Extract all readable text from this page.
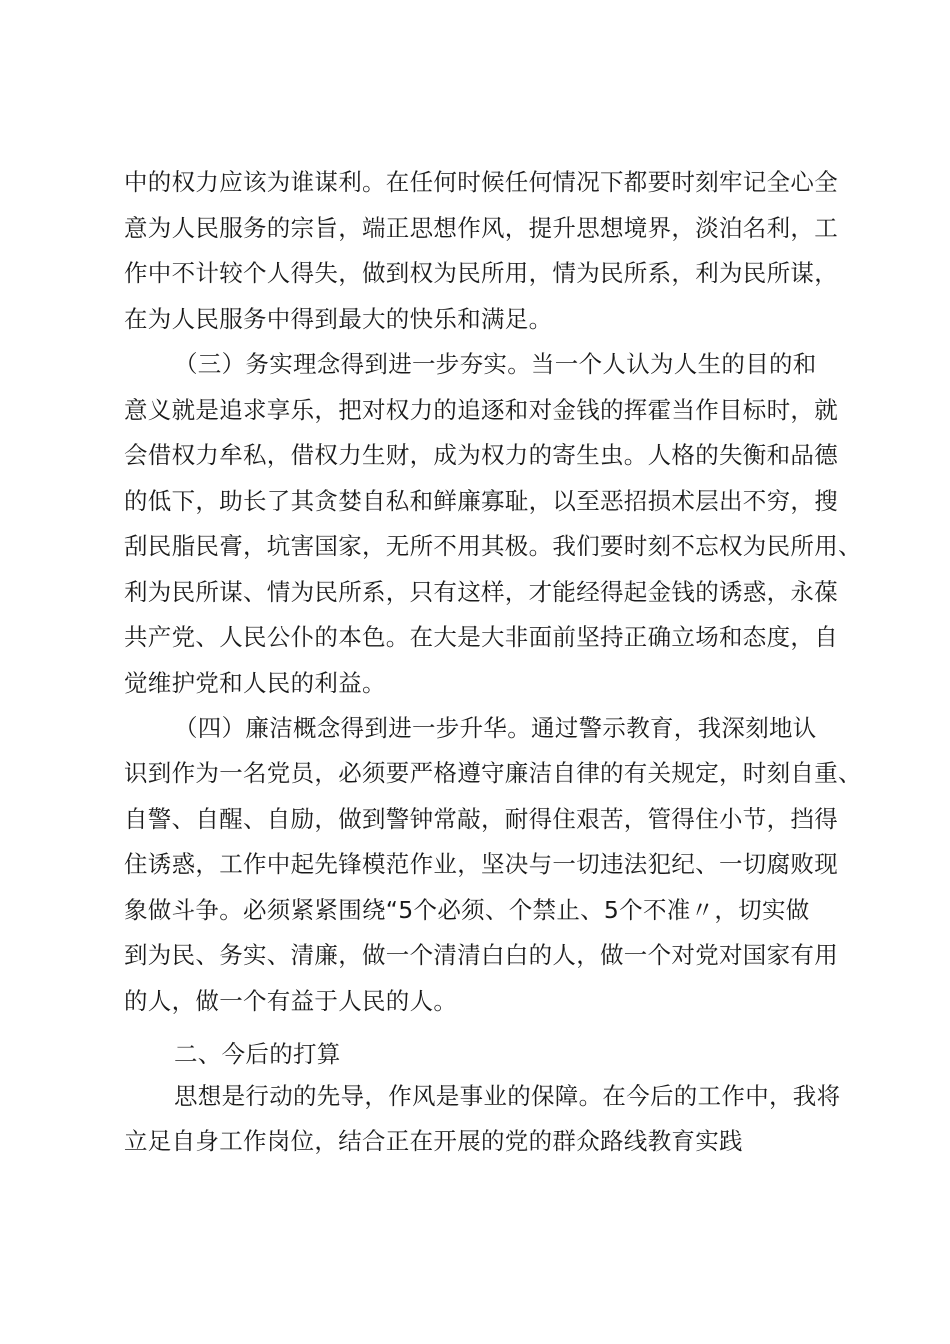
中的权力应该为谁谋利。在任何时候任何情况下都要时刻牢记全心全
意为人民服务的宗旨，端正思想作风，提升思想境界，淡泊名利，工
作中不计较个人得失，做到权为民所用，情为民所系，利为民所谋，
在为人民服务中得到最大的快乐和满足。
（三）务实理念得到进一步夯实。当一个人认为人生的目的和
意义就是追求享乐，把对权力的追逐和对金钱的挥霍当作目标时，就
会借权力牟私，借权力生财，成为权力的寄生虫。人格的失衡和品德
的低下，助长了其贪婪自私和鲜廉寡耻，以至恶招损术层出不穷，搜
刮民脂民膏，坑害国家，无所不用其极。我们要时刻不忘权为民所用、
利为民所谋、情为民所系，只有这样，才能经得起金钱的诱惑，永葆
共产党、人民公仆的本色。在大是大非面前坚持正确立场和态度，自
觉维护党和人民的利益。
（四）廉洁概念得到进一步升华。通过警示教育，我深刻地认
识到作为一名党员，必须要严格遵守廉洁自律的有关规定，时刻自重、
自警、自醒、自励，做到警钟常敲，耐得住艰苦，管得住小节，挡得
住诱惑，工作中起先锋模范作业，坚决与一切违法犯纪、一切腐败现
象做斗争。必须紧紧围绕“5个必须、个禁止、5个不准〃，切实做
到为民、务实、清廉，做一个清清白白的人，做一个对党对国家有用
的人，做一个有益于人民的人。
二、今后的打算
思想是行动的先导，作风是事业的保障。在今后的工作中，我将
立足自身工作岗位，结合正在开展的党的群众路线教育实践
